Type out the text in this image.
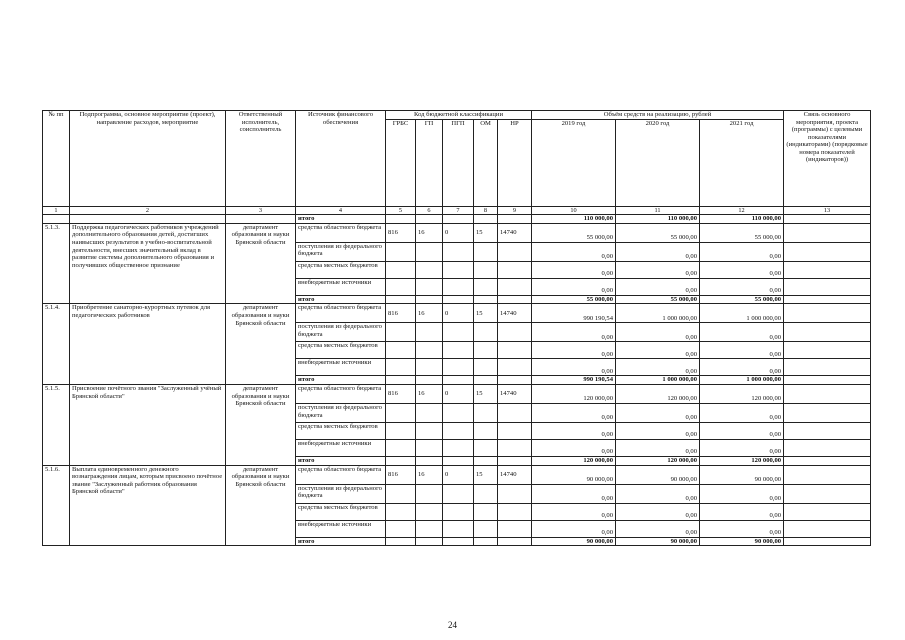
№ пп	Подпрограмма, основное мероприятие (проект), направление расходов, мероприятие	Ответственный исполнитель, соисполнитель	Источник финансового обеспечения	Код бюджетной классификации					Объём средств на реализацию, рублей			Связь основного мероприятия, проекта (программы) с целевыми показателями (индикаторами) (порядковые номера показателей (индикаторов))
				ГРБС	ГП	ПГП	ОМ	НР	2019 год	2020 год	2021 год	
1	2	3	4	5	6	7	8	9	10	11	12	13
			итого						110 000,00	110 000,00	110 000,00	
5.1.3.	Поддержка педагогических работников учреждений дополнительного образования детей, достигших наивысших результатов в учебно-воспитательной деятельности, внесших значительный вклад в развитие системы дополнительного образования и получивших общественное признание	департамент образования и науки Брянской области	средства областного бюджета	816	16	0	15	14740	55 000,00	55 000,00	55 000,00	
			поступления из федерального бюджета						0,00	0,00	0,00	
			средства местных бюджетов						0,00	0,00	0,00	
			внебюджетные источники						0,00	0,00	0,00	
			итого						55 000,00	55 000,00	55 000,00	
5.1.4.	Приобретение санаторно-курортных путевок для педагогических работников	департамент образования и науки Брянской области	средства областного бюджета	816	16	0	15	14740	990 190,54	1 000 000,00	1 000 000,00	
			поступления из федерального бюджета						0,00	0,00	0,00	
			средства местных бюджетов						0,00	0,00	0,00	
			внебюджетные источники						0,00	0,00	0,00	
			итого						990 190,54	1 000 000,00	1 000 000,00	
5.1.5.	Присвоение почётного звания "Заслуженный учёный Брянской области"	департамент образования и науки Брянской области	средства областного бюджета	816	16	0	15	14740	120 000,00	120 000,00	120 000,00	
			поступления из федерального бюджета						0,00	0,00	0,00	
			средства местных бюджетов						0,00	0,00	0,00	
			внебюджетные источники						0,00	0,00	0,00	
			итого						120 000,00	120 000,00	120 000,00	
5.1.6.	Выплата единовременного денежного вознаграждения лицам, которым присвоено почётное звание "Заслуженный работник образования Брянской области"	департамент образования и науки Брянской области	средства областного бюджета	816	16	0	15	14740	90 000,00	90 000,00	90 000,00	
			поступления из федерального бюджета						0,00	0,00	0,00	
			средства местных бюджетов						0,00	0,00	0,00	
			внебюджетные источники						0,00	0,00	0,00	
			итого						90 000,00	90 000,00	90 000,00	
24
